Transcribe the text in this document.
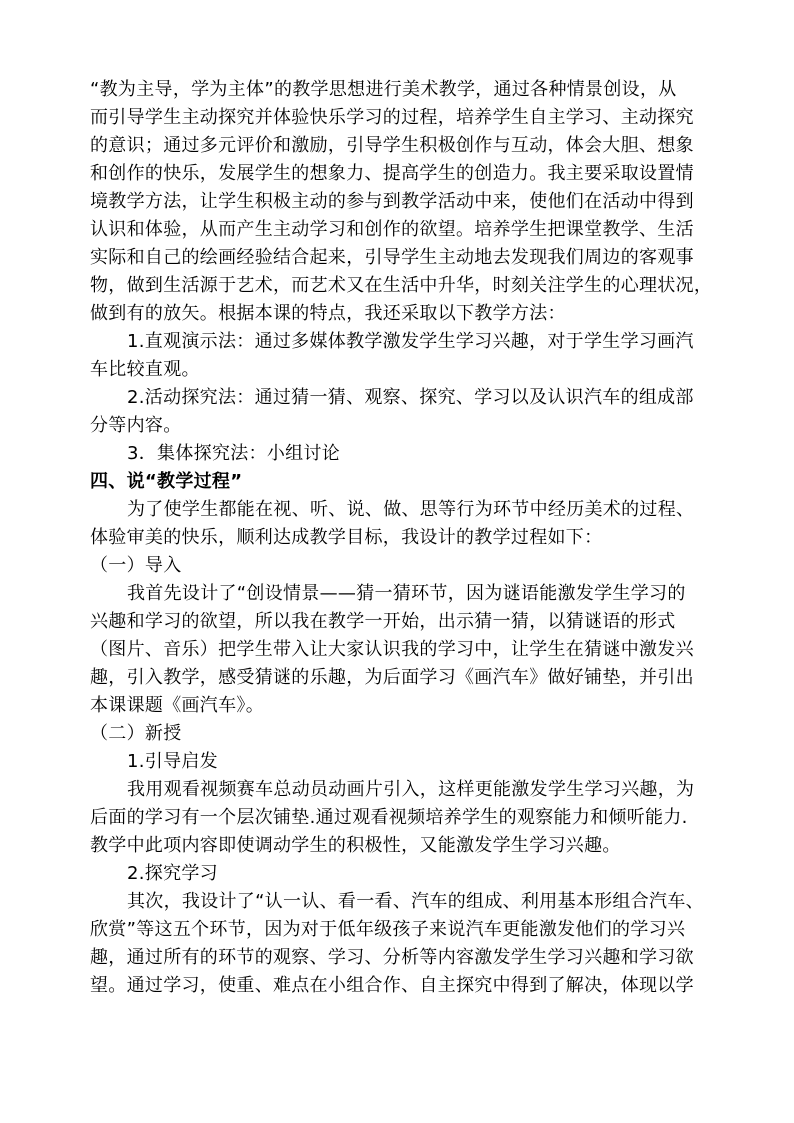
“教为主导，学为主体”的教学思想进行美术教学，通过各种情景创设，从
而引导学生主动探究并体验快乐学习的过程，培养学生自主学习、主动探究
的意识；通过多元评价和激励，引导学生积极创作与互动，体会大胆、想象
和创作的快乐，发展学生的想象力、提高学生的创造力。我主要采取设置情
境教学方法，让学生积极主动的参与到教学活动中来，使他们在活动中得到
认识和体验，从而产生主动学习和创作的欲望。培养学生把课堂教学、生活
实际和自己的绘画经验结合起来，引导学生主动地去发现我们周边的客观事
物，做到生活源于艺术，而艺术又在生活中升华，时刻关注学生的心理状况，
做到有的放矢。根据本课的特点，我还采取以下教学方法：
1.直观演示法：通过多媒体教学激发学生学习兴趣，对于学生学习画汽
车比较直观。
2.活动探究法：通过猜一猜、观察、探究、学习以及认识汽车的组成部
分等内容。
3．集体探究法：小组讨论
四、说“教学过程”
为了使学生都能在视、听、说、做、思等行为环节中经历美术的过程、
体验审美的快乐，顺利达成教学目标，我设计的教学过程如下：
（一）导入
我首先设计了“创设情景——猜一猜环节，因为谜语能激发学生学习的
兴趣和学习的欲望，所以我在教学一开始，出示猜一猜，以猜谜语的形式
（图片、音乐）把学生带入让大家认识我的学习中，让学生在猜谜中激发兴
趣，引入教学，感受猜谜的乐趣，为后面学习《画汽车》做好铺垫，并引出
本课课题《画汽车》。
（二）新授
1.引导启发
我用观看视频赛车总动员动画片引入，这样更能激发学生学习兴趣，为
后面的学习有一个层次铺垫.通过观看视频培养学生的观察能力和倾听能力.
教学中此项内容即使调动学生的积极性，又能激发学生学习兴趣。
2.探究学习
其次，我设计了“认一认、看一看、汽车的组成、利用基本形组合汽车、
欣赏”等这五个环节，因为对于低年级孩子来说汽车更能激发他们的学习兴
趣，通过所有的环节的观察、学习、分析等内容激发学生学习兴趣和学习欲
望。通过学习，使重、难点在小组合作、自主探究中得到了解决，体现以学
